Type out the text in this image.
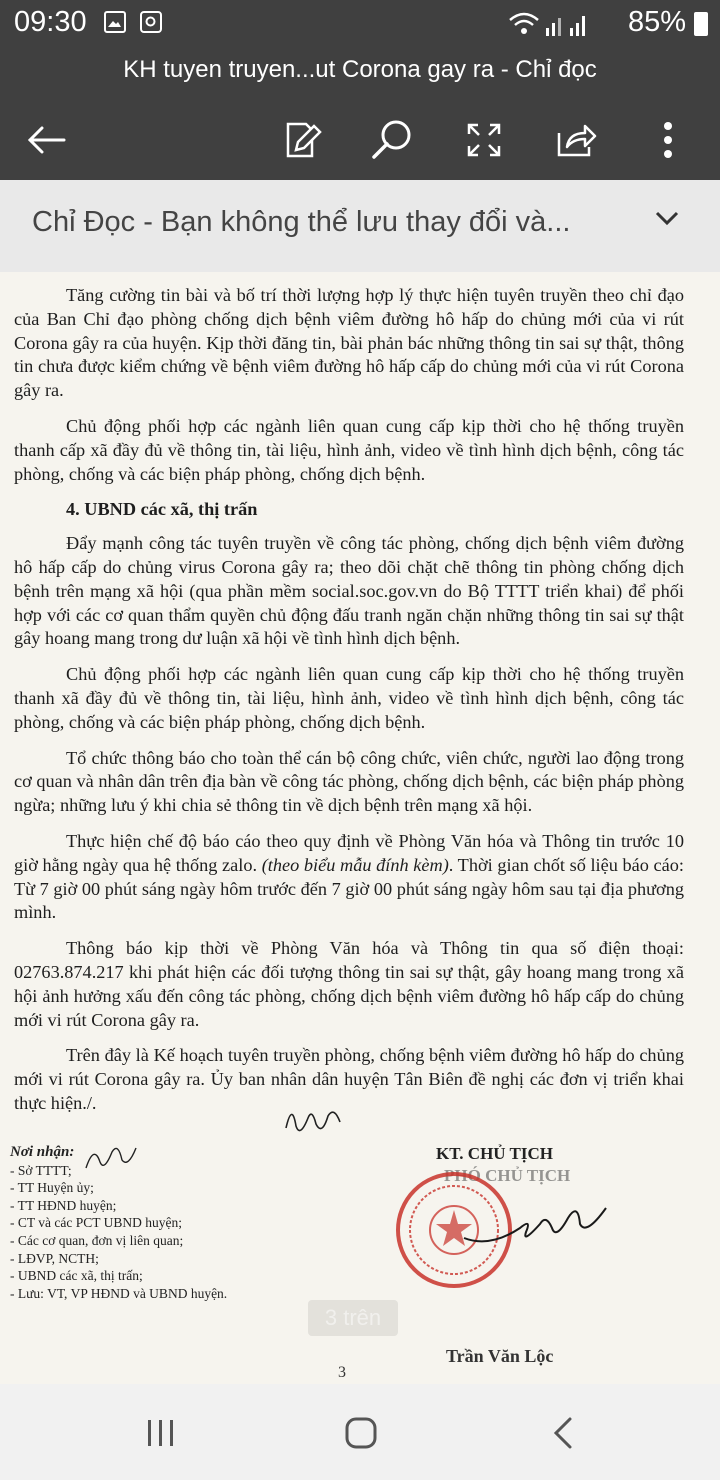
09:30	85%
KH tuyen truyen...ut Corona gay ra - Chỉ đọc
Chỉ Đọc - Bạn không thể lưu thay đổi và...

Tăng cường tin bài và bố trí thời lượng hợp lý thực hiện tuyên truyền theo chỉ đạo của Ban Chỉ đạo phòng chống dịch bệnh viêm đường hô hấp do chủng mới của vi rút Corona gây ra của huyện. Kịp thời đăng tin, bài phản bác những thông tin sai sự thật, thông tin chưa được kiểm chứng về bệnh viêm đường hô hấp cấp do chủng mới của vi rút Corona gây ra.

Chủ động phối hợp các ngành liên quan cung cấp kịp thời cho hệ thống truyền thanh cấp xã đầy đủ về thông tin, tài liệu, hình ảnh, video về tình hình dịch bệnh, công tác phòng, chống và các biện pháp phòng, chống dịch bệnh.

4. UBND các xã, thị trấn

Đẩy mạnh công tác tuyên truyền về công tác phòng, chống dịch bệnh viêm đường hô hấp cấp do chủng virus Corona gây ra; theo dõi chặt chẽ thông tin phòng chống dịch bệnh trên mạng xã hội (qua phần mềm social.soc.gov.vn do Bộ TTTT triển khai) để phối hợp với các cơ quan thẩm quyền chủ động đấu tranh ngăn chặn những thông tin sai sự thật gây hoang mang trong dư luận xã hội về tình hình dịch bệnh.

Chủ động phối hợp các ngành liên quan cung cấp kịp thời cho hệ thống truyền thanh xã đầy đủ về thông tin, tài liệu, hình ảnh, video về tình hình dịch bệnh, công tác phòng, chống và các biện pháp phòng, chống dịch bệnh.

Tổ chức thông báo cho toàn thể cán bộ công chức, viên chức, người lao động trong cơ quan và nhân dân trên địa bàn về công tác phòng, chống dịch bệnh, các biện pháp phòng ngừa; những lưu ý khi chia sẻ thông tin về dịch bệnh trên mạng xã hội.

Thực hiện chế độ báo cáo theo quy định về Phòng Văn hóa và Thông tin trước 10 giờ hằng ngày qua hệ thống zalo. (theo biểu mẫu đính kèm). Thời gian chốt số liệu báo cáo: Từ 7 giờ 00 phút sáng ngày hôm trước đến 7 giờ 00 phút sáng ngày hôm sau tại địa phương mình.

Thông báo kịp thời về Phòng Văn hóa và Thông tin qua số điện thoại: 02763.874.217 khi phát hiện các đối tượng thông tin sai sự thật, gây hoang mang trong xã hội ảnh hưởng xấu đến công tác phòng, chống dịch bệnh viêm đường hô hấp cấp do chủng mới vi rút Corona gây ra.

Trên đây là Kế hoạch tuyên truyền phòng, chống bệnh viêm đường hô hấp do chủng mới vi rút Corona gây ra. Ủy ban nhân dân huyện Tân Biên đề nghị các đơn vị triển khai thực hiện./.

Nơi nhận:
- Sở TTTT;
- TT Huyện ủy;
- TT HĐND huyện;
- CT và các PCT UBND huyện;
- Các cơ quan, đơn vị liên quan;
- LĐVP, NCTH;
- UBND các xã, thị trấn;
- Lưu: VT, VP HĐND và UBND huyện.
KT. CHỦ TỊCH
PHÓ CHỦ TỊCH
3 trên
Trần Văn Lộc
3
